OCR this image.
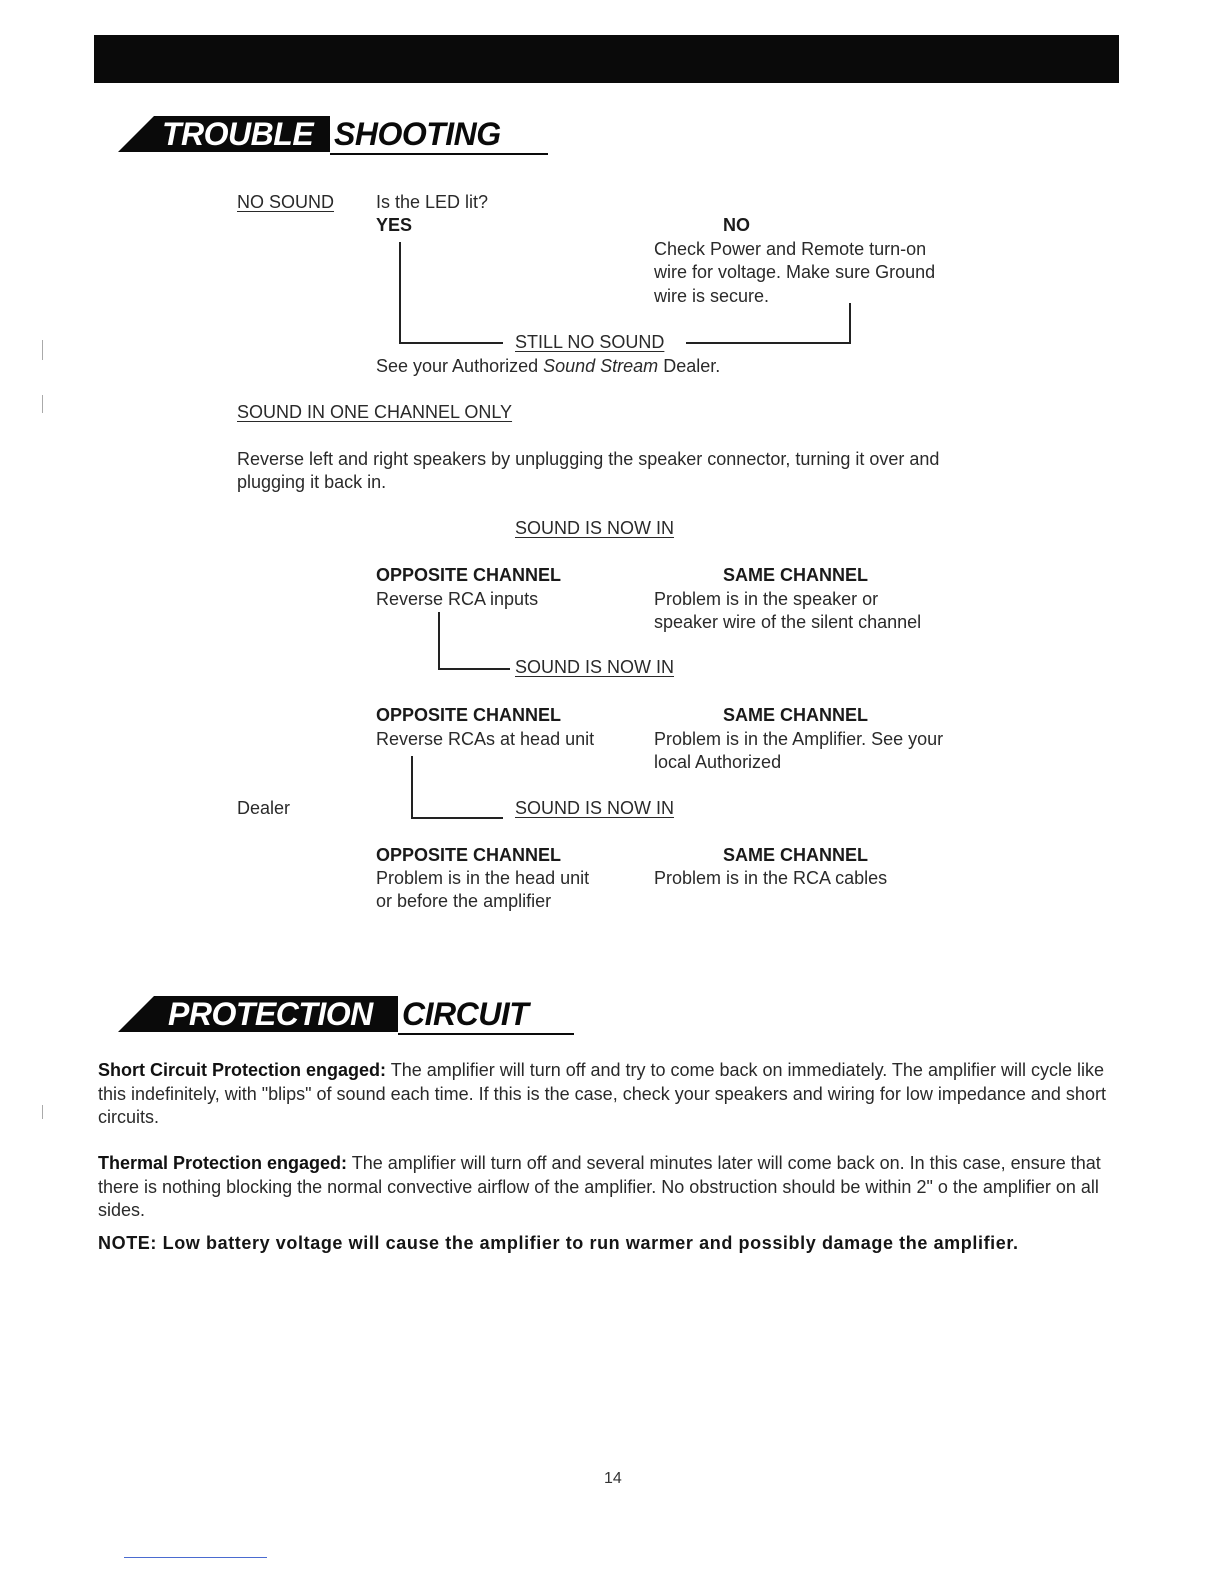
TROUBLE SHOOTING
NO SOUND Is the LED lit?
YES	NO
Check Power and Remote turn-on
wire for voltage. Make sure Ground
wire is secure.
STILL NO SOUND
See your Authorized Sound Stream Dealer.
SOUND IN ONE CHANNEL ONLY
Reverse left and right speakers by unplugging the speaker connector, turning it over and
plugging it back in.
SOUND IS NOW IN
OPPOSITE CHANNEL
Reverse RCA inputs
SAME CHANNEL
Problem is in the speaker or
speaker wire of the silent channel
SOUND IS NOW IN
OPPOSITE CHANNEL
Reverse RCAs at head unit
SAME CHANNEL
Problem is in the Amplifier. See your
local Authorized
Dealer	SOUND IS NOW IN
OPPOSITE CHANNEL
Problem is in the head unit
or before the amplifier
SAME CHANNEL
Problem is in the RCA cables
PROTECTION CIRCUIT
Short Circuit Protection engaged: The amplifier will turn off and try to come back on immediately. The amplifier will cycle like this indefinitely, with "blips" of sound each time. If this is the case, check your speakers and wiring for low impedance and short circuits.
Thermal Protection engaged: The amplifier will turn off and several minutes later will come back on. In this case, ensure that there is nothing blocking the normal convective airflow of the amplifier. No obstruction should be within 2" o the amplifier on all sides.
NOTE: Low battery voltage will cause the amplifier to run warmer and possibly damage the amplifier.
14
